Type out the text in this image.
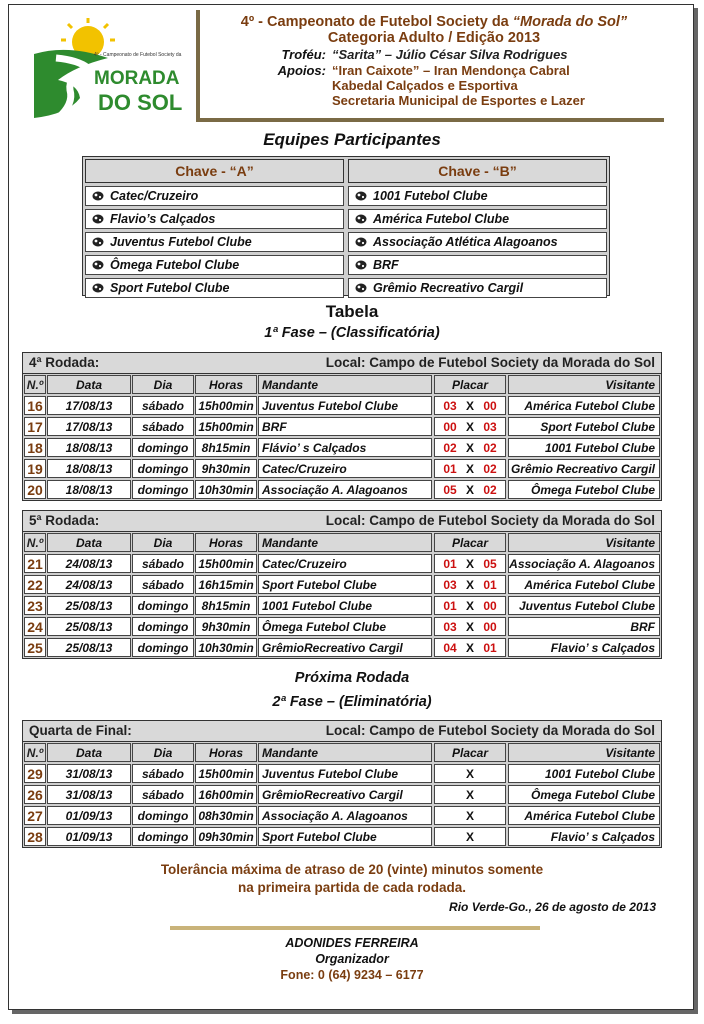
4º - Campeonato de Futebol Society da
MORADA
DO SOL
4º - Campeonato de Futebol Society da “Morada do Sol”
Categoria Adulto / Edição 2013
Troféu: “Sarita” – Júlio César Silva Rodrigues
Apoios: “Iran Caixote” – Iran Mendonça Cabral
Kabedal Calçados e Esportiva
Secretaria Municipal de Esportes e Lazer
Equipes Participantes
Chave - “A”
Catec/Cruzeiro
Flavio’s Calçados
Juventus Futebol Clube
Ômega Futebol Clube
Sport Futebol Clube
Chave - “B”
1001 Futebol Clube
América Futebol Clube
Associação Atlética Alagoanos
BRF
Grêmio Recreativo Cargil
Tabela
1ª Fase – (Classificatória)
4ª Rodada:	Local: Campo de Futebol Society da Morada do Sol
N.º	Data	Dia	Horas	Mandante	Placar	Visitante
16	17/08/13	sábado	15h00min Juventus Futebol Clube	03 X 00	América Futebol Clube
17	17/08/13	sábado	15h00min BRF	00 X 03	Sport Futebol Clube
18	18/08/13	domingo	8h15min Flávio’ s Calçados	02 X 02	1001 Futebol Clube
19	18/08/13	domingo	9h30min Catec/Cruzeiro	01 X 02	Grêmio Recreativo Cargil
20	18/08/13	domingo 10h30min Associação A. Alagoanos	05 X 02	Ômega Futebol Clube
5ª Rodada:	Local: Campo de Futebol Society da Morada do Sol
N.º	Data	Dia	Horas	Mandante	Placar	Visitante
21	24/08/13	sábado	15h00min Catec/Cruzeiro	01 X 05	Associação A. Alagoanos
22	24/08/13	sábado	16h15min Sport Futebol Clube	03 X 01	América Futebol Clube
23	25/08/13	domingo	8h15min 1001 Futebol Clube	01 X 00	Juventus Futebol Clube
24	25/08/13	domingo	9h30min Ômega Futebol Clube	03 X 00	BRF
25	25/08/13	domingo 10h30min GrêmioRecreativo Cargil	04 X 01	Flavio’ s Calçados
Próxima Rodada
2ª Fase – (Eliminatória)
Quarta de Final:	Local: Campo de Futebol Society da Morada do Sol
N.º	Data	Dia	Horas	Mandante	Placar	Visitante
29	31/08/13	sábado	15h00min Juventus Futebol Clube	X	1001 Futebol Clube
26	31/08/13	sábado	16h00min GrêmioRecreativo Cargil	X	Ômega Futebol Clube
27	01/09/13	domingo 08h30min Associação A. Alagoanos	X	América Futebol Clube
28	01/09/13	domingo 09h30min Sport Futebol Clube	X	Flavio’ s Calçados
Tolerância máxima de atraso de 20 (vinte) minutos somente
na primeira partida de cada rodada.
Rio Verde-Go., 26 de agosto de 2013
ADONIDES FERREIRA
Organizador
Fone: 0 (64) 9234 – 6177
